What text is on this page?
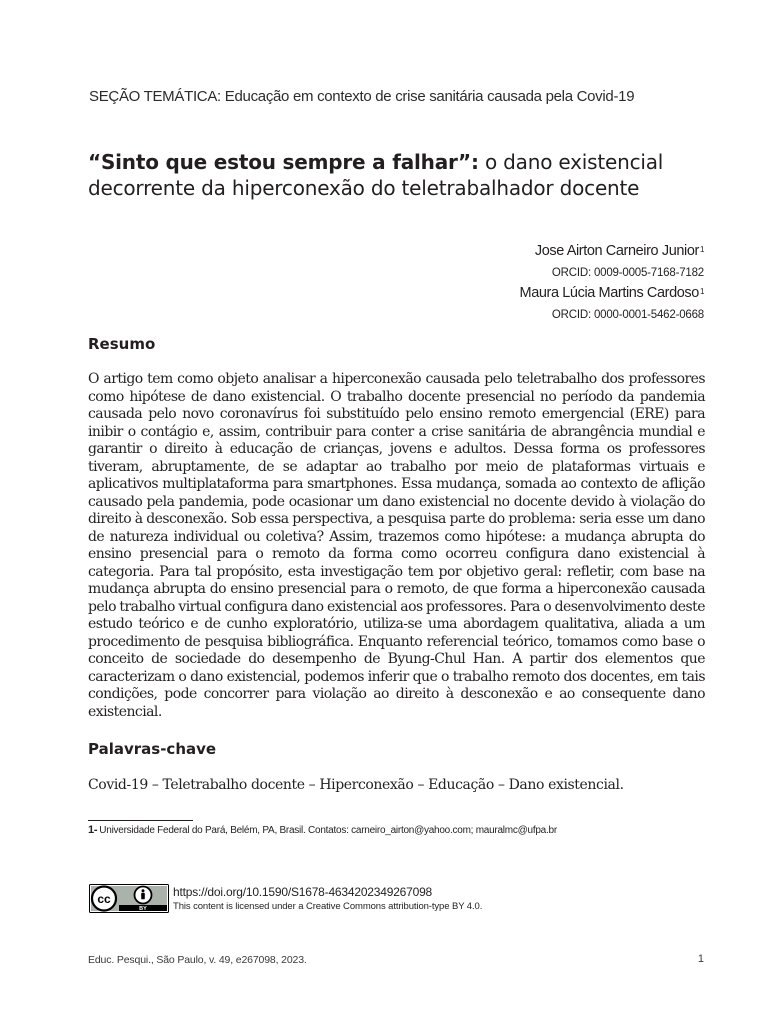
SEÇÃO TEMÁTICA: Educação em contexto de crise sanitária causada pela Covid-19
“Sinto que estou sempre a falhar”: o dano existencial decorrente da hiperconexão do teletrabalhador docente
Jose Airton Carneiro Junior$^1$
ORCID: 0009-0005-7168-7182
Maura Lúcia Martins Cardoso$^1$
ORCID: 0000-0001-5462-0668
Resumo
O artigo tem como objeto analisar a hiperconexão causada pelo teletrabalho dos professores como hipótese de dano existencial. O trabalho docente presencial no período da pandemia causada pelo novo coronavírus foi substituído pelo ensino remoto emergencial (ERE) para inibir o contágio e, assim, contribuir para conter a crise sanitária de abrangência mundial e garantir o direito à educação de crianças, jovens e adultos. Dessa forma os professores tiveram, abruptamente, de se adaptar ao trabalho por meio de plataformas virtuais e aplicativos multiplataforma para smartphones. Essa mudança, somada ao contexto de aflição causado pela pandemia, pode ocasionar um dano existencial no docente devido à violação do direito à desconexão. Sob essa perspectiva, a pesquisa parte do problema: seria esse um dano de natureza individual ou coletiva? Assim, trazemos como hipótese: a mudança abrupta do ensino presencial para o remoto da forma como ocorreu configura dano existencial à categoria. Para tal propósito, esta investigação tem por objetivo geral: refletir, com base na mudança abrupta do ensino presencial para o remoto, de que forma a hiperconexão causada pelo trabalho virtual configura dano existencial aos professores. Para o desenvolvimento deste estudo teórico e de cunho exploratório, utiliza-se uma abordagem qualitativa, aliada a um procedimento de pesquisa bibliográfica. Enquanto referencial teórico, tomamos como base o conceito de sociedade do desempenho de Byung-Chul Han. A partir dos elementos que caracterizam o dano existencial, podemos inferir que o trabalho remoto dos docentes, em tais condições, pode concorrer para violação ao direito à desconexão e ao consequente dano existencial.
Palavras-chave
Covid-19 – Teletrabalho docente – Hiperconexão – Educação – Dano existencial.
1- Universidade Federal do Pará, Belém, PA, Brasil. Contatos: carneiro_airton@yahoo.com; mauralmc@ufpa.br
cc
BY
https://doi.org/10.1590/S1678-4634202349267098
This content is licensed under a Creative Commons attribution-type BY 4.0.
Educ. Pesqui., São Paulo, v. 49, e267098, 2023.	1
